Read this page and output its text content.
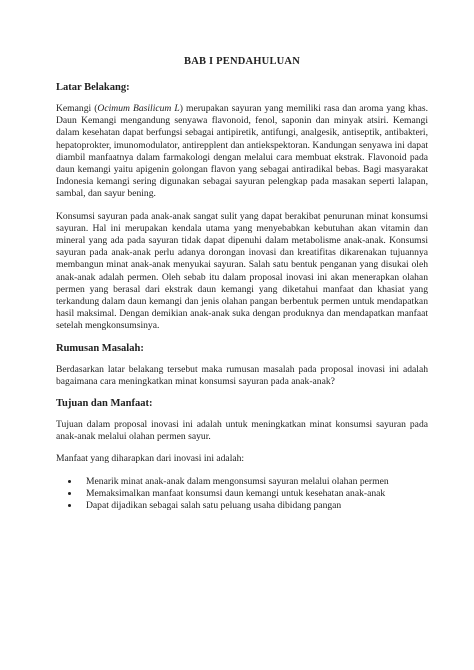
BAB I PENDAHULUAN
Latar Belakang:

Kemangi (Ocimum Basilicum L) merupakan sayuran yang memiliki rasa dan aroma yang khas. Daun Kemangi mengandung senyawa flavonoid, fenol, saponin dan minyak atsiri. Kemangi dalam kesehatan dapat berfungsi sebagai antipiretik, antifungi, analgesik, antiseptik, antibakteri, hepatoprokter, imunomodulator, antirepplent dan antiekspektoran. Kandungan senyawa ini dapat diambil manfaatnya dalam farmakologi dengan melalui cara membuat ekstrak. Flavonoid pada daun kemangi yaitu apigenin golongan flavon yang sebagai antiradikal bebas. Bagi masyarakat Indonesia kemangi sering digunakan sebagai sayuran pelengkap pada masakan seperti lalapan, sambal, dan sayur bening.

Konsumsi sayuran pada anak-anak sangat sulit yang dapat berakibat penurunan minat konsumsi sayuran. Hal ini merupakan kendala utama yang menyebabkan kebutuhan akan vitamin dan mineral yang ada pada sayuran tidak dapat dipenuhi dalam metabolisme anak-anak. Konsumsi sayuran pada anak-anak perlu adanya dorongan inovasi dan kreatifitas dikarenakan tujuannya membangun minat anak-anak menyukai sayuran. Salah satu bentuk penganan yang disukai oleh anak-anak adalah permen. Oleh sebab itu dalam proposal inovasi ini akan menerapkan olahan permen yang berasal dari ekstrak daun kemangi yang diketahui manfaat dan khasiat yang terkandung dalam daun kemangi dan jenis olahan pangan berbentuk permen untuk mendapatkan hasil maksimal. Dengan demikian anak-anak suka dengan produknya dan mendapatkan manfaat setelah mengkonsumsinya.

Rumusan Masalah:

Berdasarkan latar belakang tersebut maka rumusan masalah pada proposal inovasi ini adalah bagaimana cara meningkatkan minat konsumsi sayuran pada anak-anak?

Tujuan dan Manfaat:

Tujuan dalam proposal inovasi ini adalah untuk meningkatkan minat konsumsi sayuran pada anak-anak melalui olahan permen sayur.

Manfaat yang diharapkan dari inovasi ini adalah:

• Menarik minat anak-anak dalam mengonsumsi sayuran melalui olahan permen
• Memaksimalkan manfaat konsumsi daun kemangi untuk kesehatan anak-anak
• Dapat dijadikan sebagai salah satu peluang usaha dibidang pangan
